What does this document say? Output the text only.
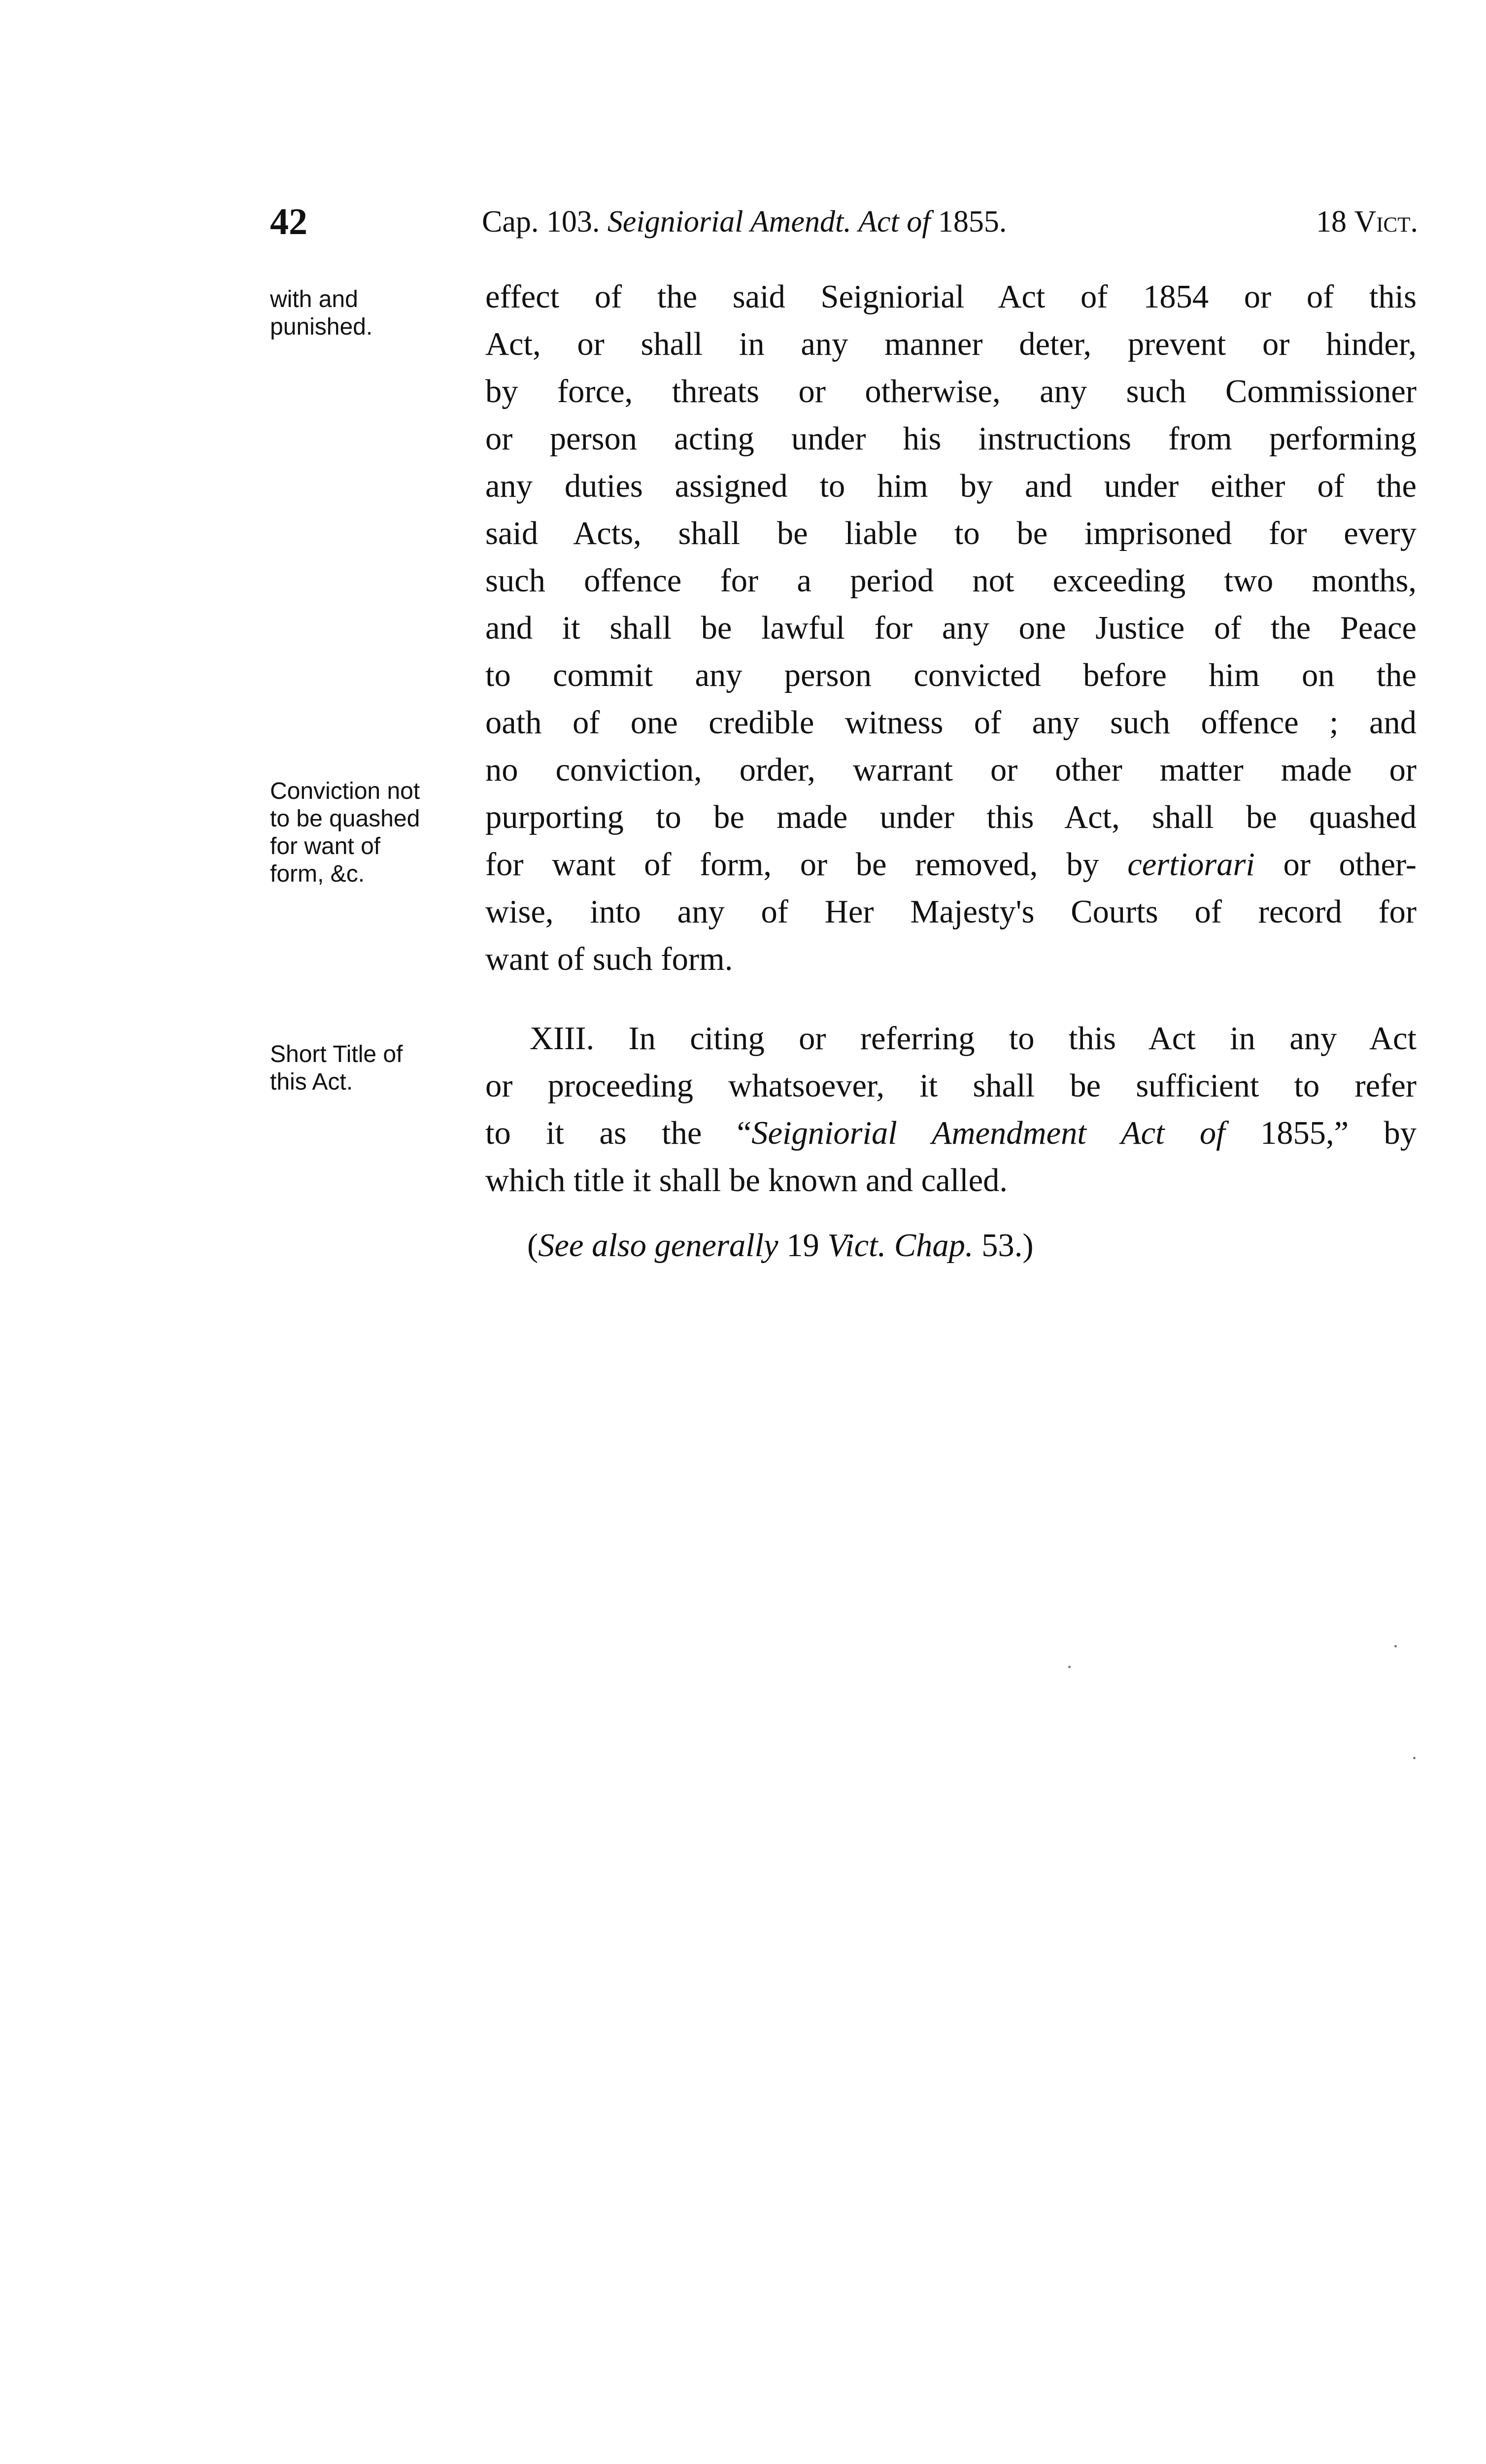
42	Cap. 103. Seigniorial Amendt. Act of 1855.	18 Vict.
with and
punished.
Conviction not
to be quashed
for want of
form, &c.
Short Title of
this Act.
effect of the said Seigniorial Act of 1854 or of this
Act, or shall in any manner deter, prevent or hinder,
by force, threats or otherwise, any such Commissioner
or person acting under his instructions from performing
any duties assigned to him by and under either of the
said Acts, shall be liable to be imprisoned for every
such offence for a period not exceeding two months,
and it shall be lawful for any one Justice of the Peace
to commit any person convicted before him on the
oath of one credible witness of any such offence ; and
no conviction, order, warrant or other matter made or
purporting to be made under this Act, shall be quashed
for want of form, or be removed, by certiorari or other-
wise, into any of Her Majesty's Courts of record for
want of such form.
XIII. In citing or referring to this Act in any Act
or proceeding whatsoever, it shall be sufficient to refer
to it as the “Seigniorial Amendment Act of 1855,” by
which title it shall be known and called.
(See also generally 19 Vict. Chap. 53.)
